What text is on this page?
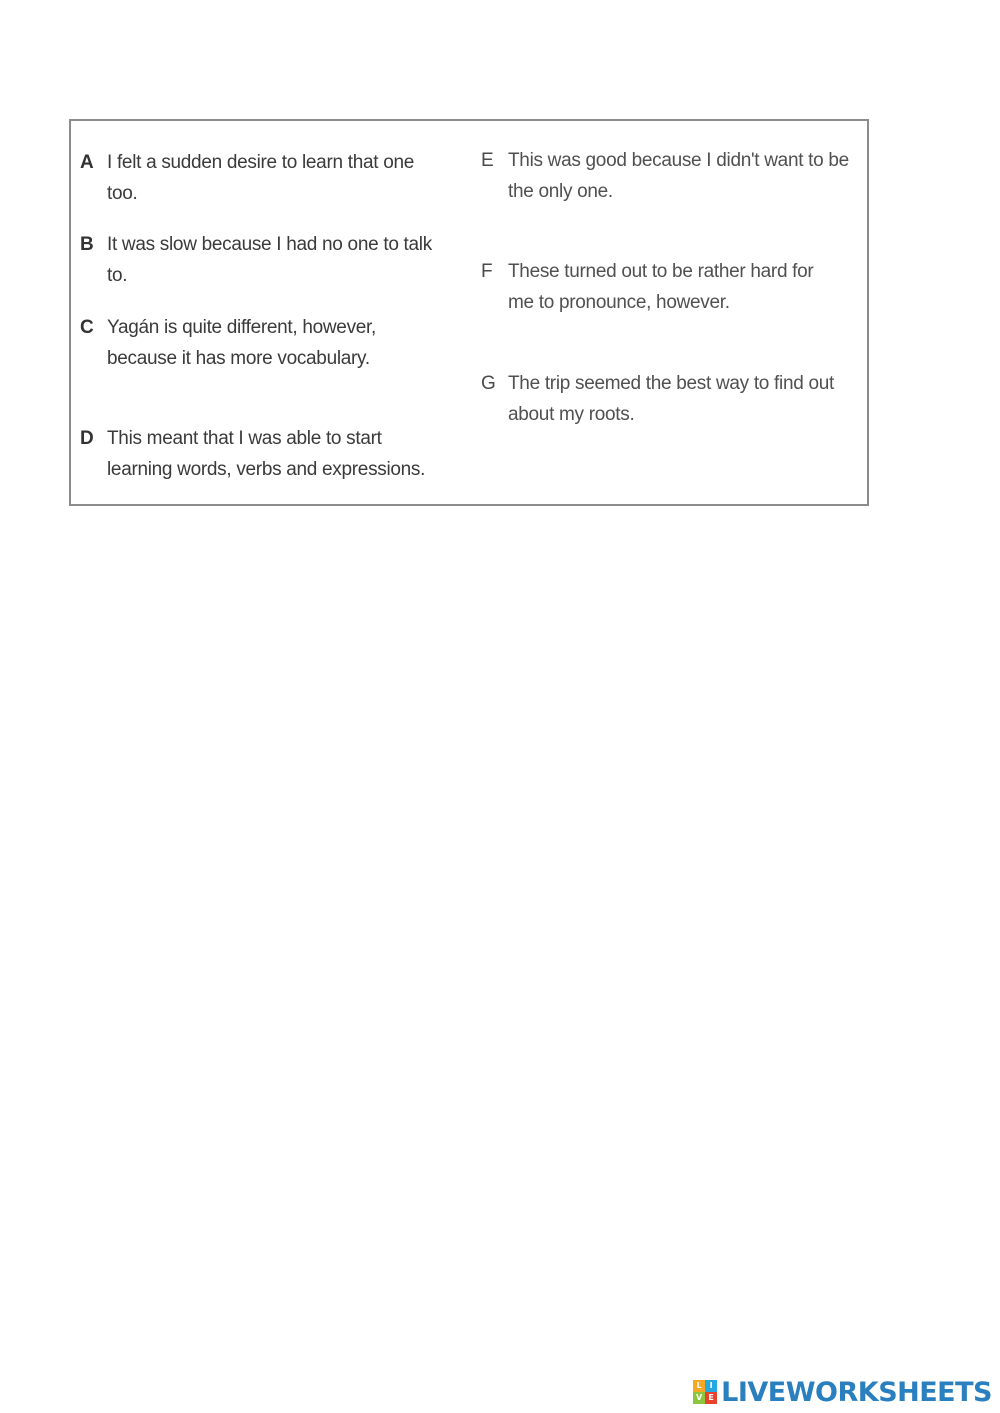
A I felt a sudden desire to learn that one too.
B It was slow because I had no one to talk to.
C Yagán is quite different, however, because it has more vocabulary.
D This meant that I was able to start learning words, verbs and expressions.
E This was good because I didn't want to be the only one.
F These turned out to be rather hard for me to pronounce, however.
G The trip seemed the best way to find out about my roots.
L I
V E LIVEWORKSHEETS
